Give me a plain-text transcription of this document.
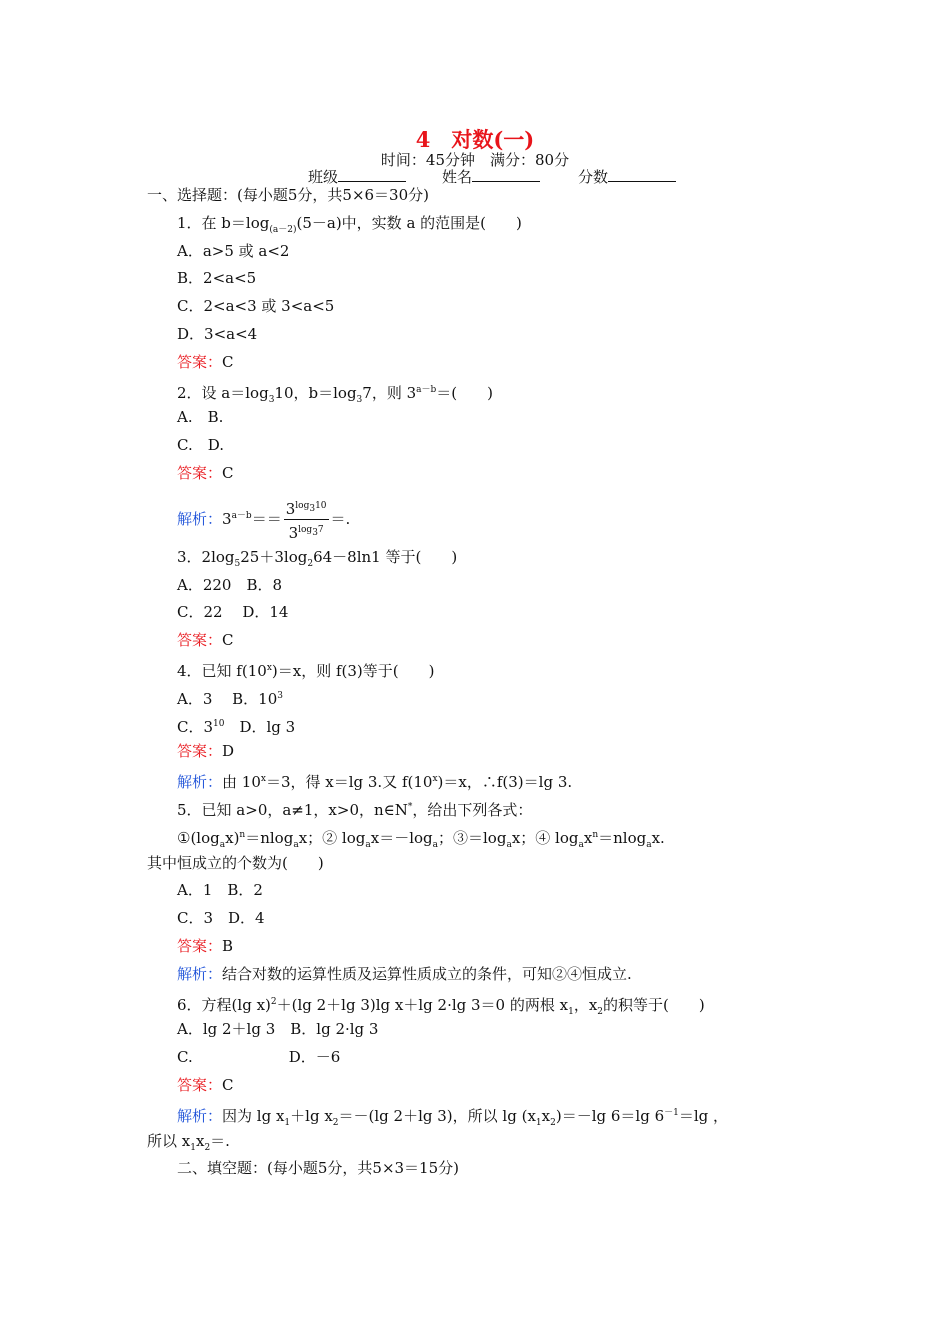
4　对数(一)
时间：45分钟　满分：80分
班级	姓名	分数
一、选择题：(每小题5分，共5×6＝30分)
1．在 $b=\log_{(a-2)}(5-a)$中，实数 a 的范围是(　　)
A．a>5 或 a<2
B．2<a<5
C．2<a<3 或 3<a<5
D．3<a<4
答案：C
2．设 $a=\log_310$，$b=\log_37$，则 $3^{a-b}=$(　　)
A.　B.
C.　D.
答案：C
解析：$3^{a-b}== \frac{3^{log_310}}{3^{log_37}}$ ＝.
3．$2\log_525+3\log_264-8\ln 1$ 等于(　　)
A．220　B．8
C．22　 D．14
答案：C
4．已知 $f(10^x)=x$，则 f(3)等于(　　)
A．3　 B．$10^3$
C．$3^{10}$　D．lg 3
答案：D
解析：由 $10^x=3$，得 x＝lg 3.又 $f(10^x)=x$，∴f(3)＝lg 3.
5．已知 a>0，a≠1，x>0，n∈N*，给出下列各式：
$①(\log_ax)^n=nlog_ax$；② $\log_ax=-\log_a$；$③=\log_ax$；④ $\log_ax^n=nlog_ax$.
其中恒成立的个数为(　　)
A．1　B．2
C．3　D．4
答案：B
解析：结合对数的运算性质及运算性质成立的条件，可知②④恒成立.
6．方程(lg x)$^2$＋(lg 2＋lg 3)lg x＋lg 2·lg 3＝0 的两根 $x_1$，$x_2$的积等于(　　)
A．lg 2＋lg 3　B．lg 2·lg 3
C.	D．－6
答案：C
解析：因为 $\lg x_1+\lg$ $x_2=-(\lg$ 2＋lg 3)，所以 $\lg (x_1x_2)=-\lg$ 6＝lg $6^{-1}=\lg$ ，
所以 $x_1x_2=$.
二、填空题：(每小题5分，共5×3＝15分)
